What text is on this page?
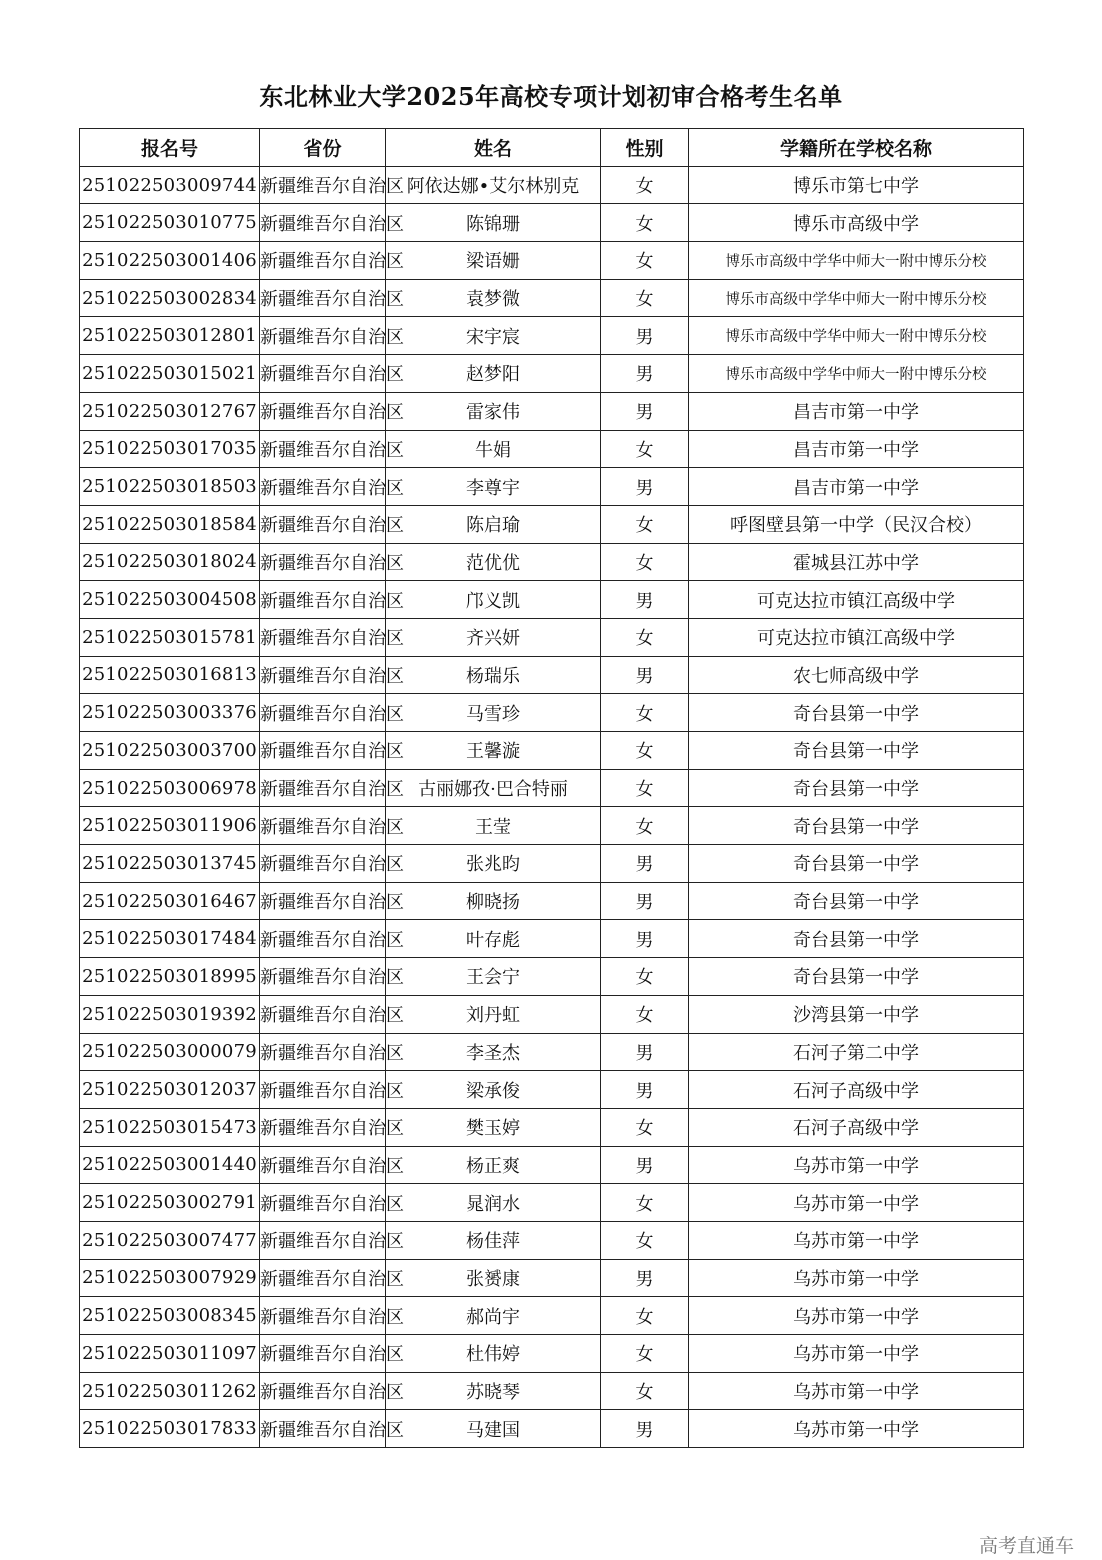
东北林业大学2025年高校专项计划初审合格考生名单
报名号	省份	姓名	性别	学籍所在学校名称
251022503009744	新疆维吾尔自治区	阿依达娜•艾尔林别克	女	博乐市第七中学
251022503010775	新疆维吾尔自治区	陈锦珊	女	博乐市高级中学
251022503001406	新疆维吾尔自治区	梁语姗	女	博乐市高级中学华中师大一附中博乐分校
251022503002834	新疆维吾尔自治区	袁梦微	女	博乐市高级中学华中师大一附中博乐分校
251022503012801	新疆维吾尔自治区	宋宇宸	男	博乐市高级中学华中师大一附中博乐分校
251022503015021	新疆维吾尔自治区	赵梦阳	男	博乐市高级中学华中师大一附中博乐分校
251022503012767	新疆维吾尔自治区	雷家伟	男	昌吉市第一中学
251022503017035	新疆维吾尔自治区	牛娟	女	昌吉市第一中学
251022503018503	新疆维吾尔自治区	李尊宇	男	昌吉市第一中学
251022503018584	新疆维吾尔自治区	陈启瑜	女	呼图壁县第一中学（民汉合校）
251022503018024	新疆维吾尔自治区	范优优	女	霍城县江苏中学
251022503004508	新疆维吾尔自治区	邝义凯	男	可克达拉市镇江高级中学
251022503015781	新疆维吾尔自治区	齐兴妍	女	可克达拉市镇江高级中学
251022503016813	新疆维吾尔自治区	杨瑞乐	男	农七师高级中学
251022503003376	新疆维吾尔自治区	马雪珍	女	奇台县第一中学
251022503003700	新疆维吾尔自治区	王馨漩	女	奇台县第一中学
251022503006978	新疆维吾尔自治区	古丽娜孜·巴合特丽	女	奇台县第一中学
251022503011906	新疆维吾尔自治区	王莹	女	奇台县第一中学
251022503013745	新疆维吾尔自治区	张兆昀	男	奇台县第一中学
251022503016467	新疆维吾尔自治区	柳晓扬	男	奇台县第一中学
251022503017484	新疆维吾尔自治区	叶存彪	男	奇台县第一中学
251022503018995	新疆维吾尔自治区	王会宁	女	奇台县第一中学
251022503019392	新疆维吾尔自治区	刘丹虹	女	沙湾县第一中学
251022503000079	新疆维吾尔自治区	李圣杰	男	石河子第二中学
251022503012037	新疆维吾尔自治区	梁承俊	男	石河子高级中学
251022503015473	新疆维吾尔自治区	樊玉婷	女	石河子高级中学
251022503001440	新疆维吾尔自治区	杨正爽	男	乌苏市第一中学
251022503002791	新疆维吾尔自治区	晁润水	女	乌苏市第一中学
251022503007477	新疆维吾尔自治区	杨佳萍	女	乌苏市第一中学
251022503007929	新疆维吾尔自治区	张赟康	男	乌苏市第一中学
251022503008345	新疆维吾尔自治区	郝尚宇	女	乌苏市第一中学
251022503011097	新疆维吾尔自治区	杜伟婷	女	乌苏市第一中学
251022503011262	新疆维吾尔自治区	苏晓琴	女	乌苏市第一中学
251022503017833	新疆维吾尔自治区	马建国	男	乌苏市第一中学
高考直通车
